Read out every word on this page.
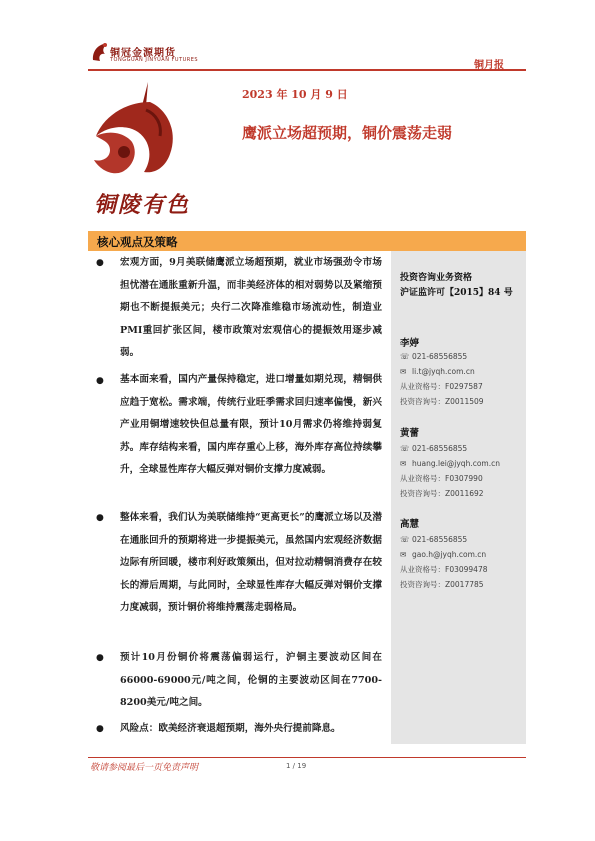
铜冠金源期货
TONGGUAN JINYUAN FUTURES	铜月报
铜陵有色
2023 年 10 月 9 日
鹰派立场超预期，铜价震荡走弱
核心观点及策略
投资咨询业务资格
沪证监许可【2015】84 号
李婷
☏ 021-68556855
✉ li.t@jyqh.com.cn
从业资格号：F0297587
投资咨询号：Z0011509
黄蕾
☏ 021-68556855
✉ huang.lei@jyqh.com.cn
从业资格号：F0307990
投资咨询号：Z0011692
高慧
☏ 021-68556855
✉ gao.h@jyqh.com.cn
从业资格号：F03099478
投资咨询号：Z0017785
● 宏观方面，9月美联储鹰派立场超预期，就业市场强劲令市场担忧潜在通胀重新升温，而非美经济体的相对弱势以及紧缩预期也不断提振美元；央行二次降准维稳市场流动性，制造业PMI重回扩张区间，楼市政策对宏观信心的提振效用逐步减弱。

● 基本面来看，国内产量保持稳定，进口增量如期兑现，精铜供应趋于宽松。需求端，传统行业旺季需求回归速率偏慢，新兴产业用铜增速较快但总量有限，预计10月需求仍将维持弱复苏。库存结构来看，国内库存重心上移，海外库存高位持续攀升，全球显性库存大幅反弹对铜价支撑力度减弱。

● 整体来看，我们认为美联储维持“更高更长”的鹰派立场以及潜在通胀回升的预期将进一步提振美元，虽然国内宏观经济数据边际有所回暖，楼市利好政策频出，但对拉动精铜消费存在较长的滞后周期，与此同时，全球显性库存大幅反弹对铜价支撑力度减弱，预计铜价将维持震荡走弱格局。

● 预计10月份铜价将震荡偏弱运行，沪铜主要波动区间在66000-69000元/吨之间，伦铜的主要波动区间在7700-8200美元/吨之间。

● 风险点：欧美经济衰退超预期，海外央行提前降息。

敬请参阅最后一页免责声明	1 / 19
